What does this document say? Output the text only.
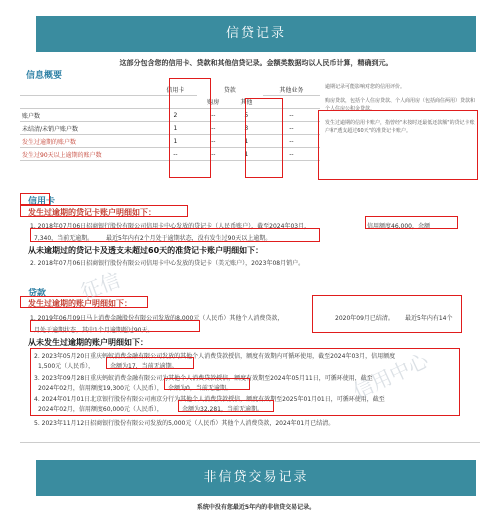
信贷记录
这部分包含您的信用卡、贷款和其他信贷记录。金额类数据均以人民币计算，精确到元。
信息概要
	信用卡	贷款		其他业务
		购房	其他	
账户数	2	--	5	--
未结清/未销户账户数	1	--	3	--
发生过逾期的账户数	1	--	1	--
发生过90天以上逾期的账户数	--	--	1	--
逾期记录可能影响对您的信用评价。
购房贷款，包括个人住房贷款、个人商用房（包括商住两用）贷款和个人住房公积金贷款。
发生过逾期的信用卡账户，指曾经"未按时还最低还款额"的贷记卡账户和"透支超过60天"的准贷记卡账户。
信用卡
发生过逾期的贷记卡账户明细如下：
1. 2018年07月06日招商银行股份有限公司信用卡中心发放的贷记卡（人民币账户），截至2024年03月，	信用额度46,000，余额
7,340，当前无逾期。 最近5年内有2个月处于逾期状态，没有发生过90天以上逾期。
从未逾期过的贷记卡及透支未超过60天的准贷记卡账户明细如下：
2. 2018年07月06日招商银行股份有限公司信用卡中心发放的贷记卡（美元账户），2023年08月销户。
贷款
发生过逾期的账户明细如下：
1. 2019年06月09日马上消费金融股份有限公司发放的8,000元（人民币）其他个人消费贷款，	2020年09月已结清。 最近5年内有14个
月处于逾期状态，其中1个月逾期超过90天。
从未发生过逾期的账户明细如下：
2. 2023年05月20日重庆蚂蚁消费金融有限公司发放的其他个人消费贷款授信，额度有效期内可循环使用，截至2024年03月，信用额度
1,500元（人民币），	余额为17，当前无逾期。
3. 2023年09月28日重庆蚂蚁消费金融有限公司为其他个人消费贷款授信，额度有效期至2024年05月11日，可循环使用，截至
2024年02月，信用额度19,300元（人民币）， 余额为0，当前无逾期。
4. 2024年01月01日北京银行股份有限公司南京分行为其他个人消费贷款授信，额度有效期至2025年01月01日，可循环使用，截至
2024年02月，信用额度60,000元（人民币），	余额为32,281，当前无逾期。
5. 2023年11月12日招商银行股份有限公司发放的5,000元（人民币）其他个人消费贷款，2024年01月已结清。
非信贷交易记录
系统中没有您最近5年内的非信贷交易记录。
征信
信用中心
